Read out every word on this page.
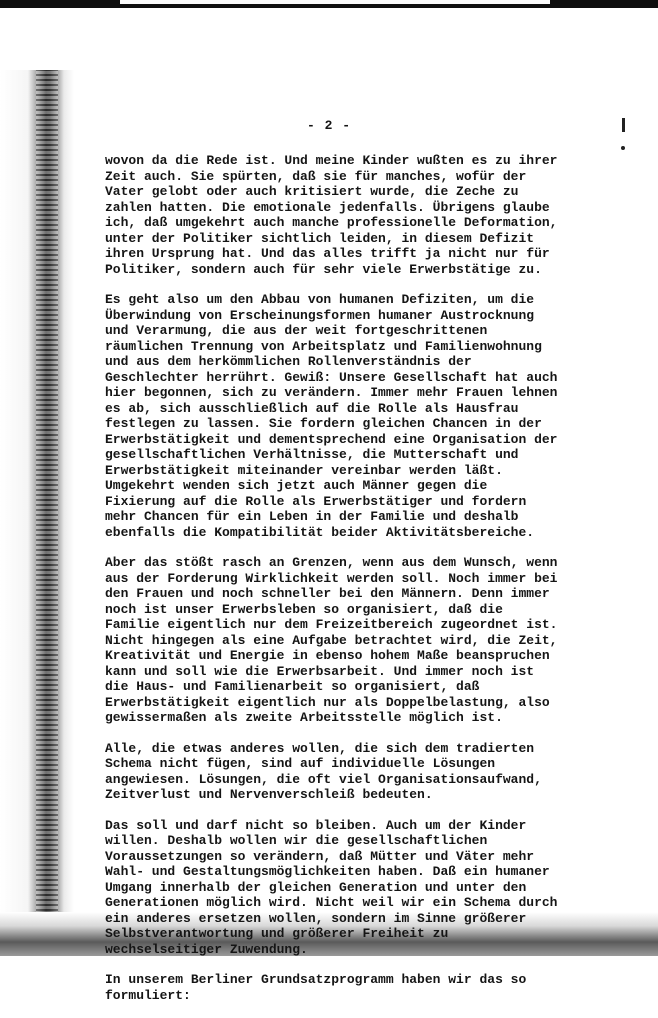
- 2 -
wovon da die Rede ist. Und meine Kinder wußten es zu ihrer
Zeit auch. Sie spürten, daß sie für manches, wofür der
Vater gelobt oder auch kritisiert wurde, die Zeche zu
zahlen hatten. Die emotionale jedenfalls. Übrigens glaube
ich, daß umgekehrt auch manche professionelle Deformation,
unter der Politiker sichtlich leiden, in diesem Defizit
ihren Ursprung hat. Und das alles trifft ja nicht nur für
Politiker, sondern auch für sehr viele Erwerbstätige zu.
Es geht also um den Abbau von humanen Defiziten, um die
Überwindung von Erscheinungsformen humaner Austrocknung
und Verarmung, die aus der weit fortgeschrittenen
räumlichen Trennung von Arbeitsplatz und Familienwohnung
und aus dem herkömmlichen Rollenverständnis der
Geschlechter herrührt. Gewiß: Unsere Gesellschaft hat auch
hier begonnen, sich zu verändern. Immer mehr Frauen lehnen
es ab, sich ausschließlich auf die Rolle als Hausfrau
festlegen zu lassen. Sie fordern gleichen Chancen in der
Erwerbstätigkeit und dementsprechend eine Organisation der
gesellschaftlichen Verhältnisse, die Mutterschaft und
Erwerbstätigkeit miteinander vereinbar werden läßt.
Umgekehrt wenden sich jetzt auch Männer gegen die
Fixierung auf die Rolle als Erwerbstätiger und fordern
mehr Chancen für ein Leben in der Familie und deshalb
ebenfalls die Kompatibilität beider Aktivitätsbereiche.
Aber das stößt rasch an Grenzen, wenn aus dem Wunsch, wenn
aus der Forderung Wirklichkeit werden soll. Noch immer bei
den Frauen und noch schneller bei den Männern. Denn immer
noch ist unser Erwerbsleben so organisiert, daß die
Familie eigentlich nur dem Freizeitbereich zugeordnet ist.
Nicht hingegen als eine Aufgabe betrachtet wird, die Zeit,
Kreativität und Energie in ebenso hohem Maße beanspruchen
kann und soll wie die Erwerbsarbeit. Und immer noch ist
die Haus- und Familienarbeit so organisiert, daß
Erwerbstätigkeit eigentlich nur als Doppelbelastung, also
gewissermaßen als zweite Arbeitsstelle möglich ist.
Alle, die etwas anderes wollen, die sich dem tradierten
Schema nicht fügen, sind auf individuelle Lösungen
angewiesen. Lösungen, die oft viel Organisationsaufwand,
Zeitverlust und Nervenverschleiß bedeuten.
Das soll und darf nicht so bleiben. Auch um der Kinder
willen. Deshalb wollen wir die gesellschaftlichen
Voraussetzungen so verändern, daß Mütter und Väter mehr
Wahl- und Gestaltungsmöglichkeiten haben. Daß ein humaner
Umgang innerhalb der gleichen Generation und unter den
Generationen möglich wird. Nicht weil wir ein Schema durch
ein anderes ersetzen wollen, sondern im Sinne größerer
Selbstverantwortung und größerer Freiheit zu
wechselseitiger Zuwendung.
In unserem Berliner Grundsatzprogramm haben wir das so
formuliert:
